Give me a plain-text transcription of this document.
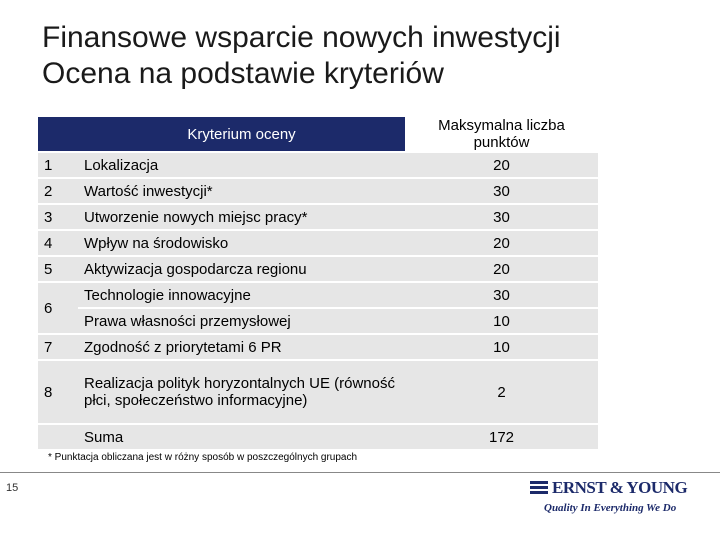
Finansowe wsparcie nowych inwestycji
Ocena na podstawie kryteriów
	Kryterium oceny	Maksymalna liczba punktów
1	Lokalizacja	20
2	Wartość inwestycji*	30
3	Utworzenie nowych miejsc pracy*	30
4	Wpływ na środowisko	20
5	Aktywizacja gospodarcza regionu	20
6	Technologie innowacyjne	30
	Prawa własności przemysłowej	10
7	Zgodność z priorytetami 6 PR	10
8	Realizacja polityk horyzontalnych UE (równość płci, społeczeństwo informacyjne)	2
	Suma	172
* Punktacja obliczana jest w różny sposób w poszczególnych grupach
15	ERNST & YOUNG
Quality In Everything We Do
